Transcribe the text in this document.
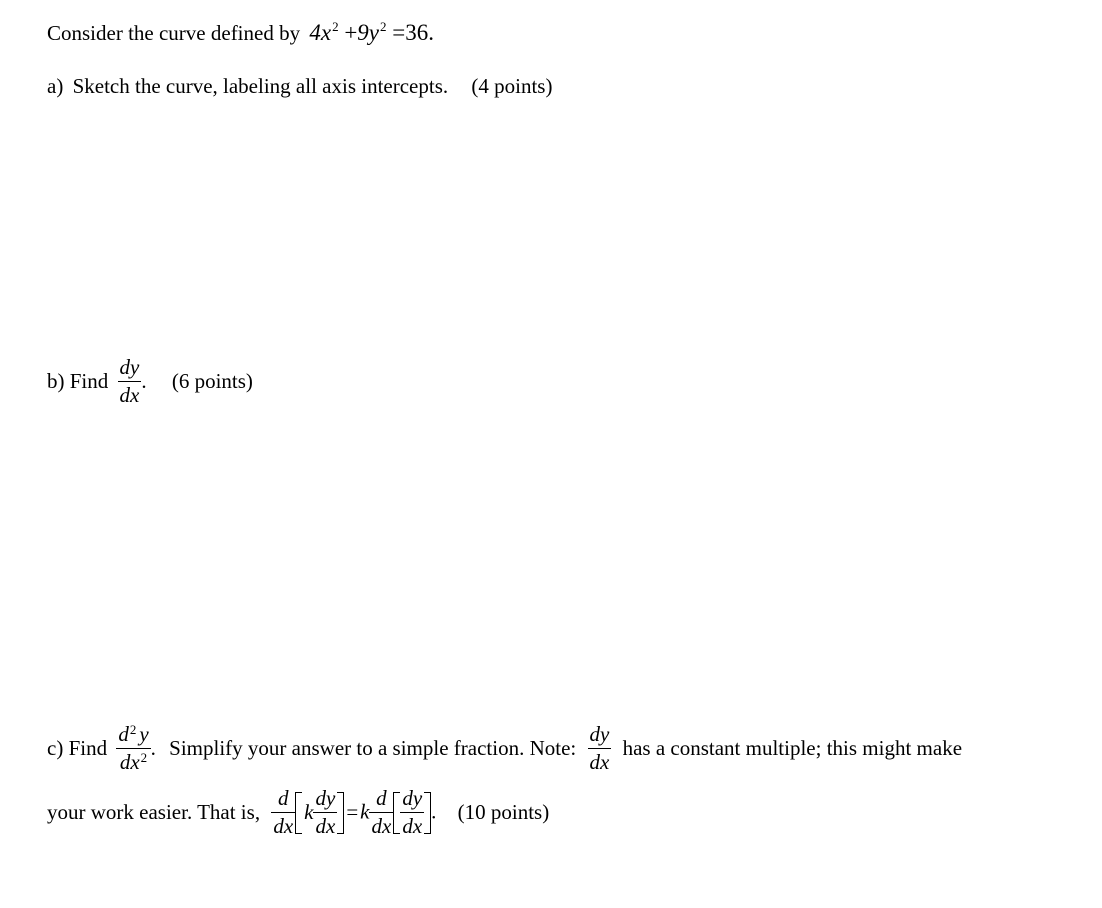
Consider the curve defined by $4x^2 +9y^2 =36$.
a) Sketch the curve, labeling all axis intercepts. (4 points)
b) Find $\frac{dy}{dx}$ . (6 points)
c) Find $\frac{d^2 y}{dx^2}$ . Simplify your answer to a simple fraction. Note: $\frac{dy}{dx}$ has a constant multiple; this might make
your work easier. That is, $\frac{d}{dx}$ k $\frac{dy}{dx} =k \frac{d}{dx} \frac{dy}{dx}$ . (10 points)
